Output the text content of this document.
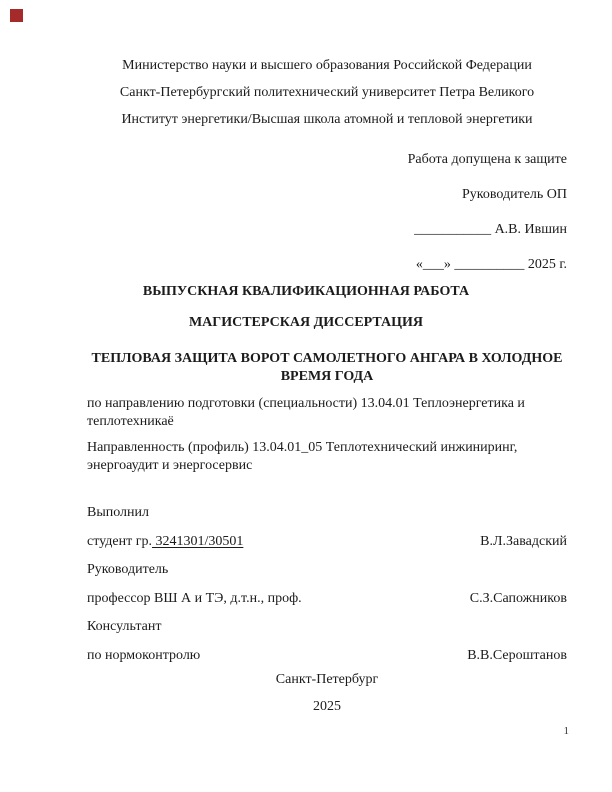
Министерство науки и высшего образования Российской Федерации
Санкт-Петербургский политехнический университет Петра Великого
Институт энергетики/Высшая школа атомной и тепловой энергетики
Работа допущена к защите
Руководитель ОП
___________ А.В. Ившин
«___» __________ 2025 г.
ВЫПУСКНАЯ КВАЛИФИКАЦИОННАЯ РАБОТА
МАГИСТЕРСКАЯ ДИССЕРТАЦИЯ
ТЕПЛОВАЯ ЗАЩИТА ВОРОТ САМОЛЕТНОГО АНГАРА В ХОЛОДНОЕ
ВРЕМЯ ГОДА
по направлению подготовки (специальности) 13.04.01 Теплоэнергетика и
теплотехникаё
Направленность (профиль) 13.04.01_05 Теплотехнический инжиниринг,
энергоаудит и энергосервис
Выполнил
студент гр. 3241301/30501	В.Л.Завадский
Руководитель
профессор ВШ А и ТЭ, д.т.н., проф.	С.З.Сапожников
Консультант
по нормоконтролю	В.В.Сероштанов
Санкт-Петербург
2025
1
